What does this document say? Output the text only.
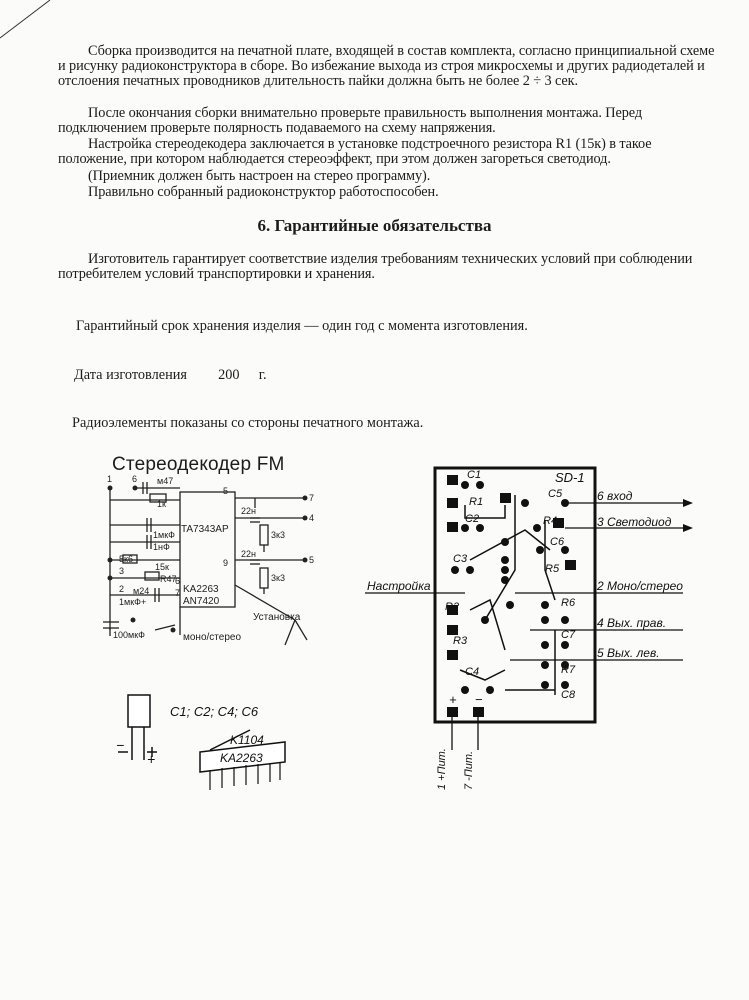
Сборка производится на печатной плате, входящей в состав комплекта, согласно принципиальной схеме и рисунку радиоконструктора в сборе. Во избежание выхода из строя микросхемы и других радиодеталей и отслоения печатных проводников длительность пайки должна быть не более 2 ÷ 3 сек.
После окончания сборки внимательно проверьте правильность выполнения монтажа. Перед подключением проверьте полярность подаваемого на схему напряжения.
Настройка стереодекодера заключается в установке подстроечного резистора R1 (15к) в такое положение, при котором наблюдается стереоэффект, при этом должен загореться светодиод.
(Приемник должен быть настроен на стерео программу).
Правильно собранный радиоконструктор работоспособен.
6. Гарантийные обязательства
Изготовитель гарантирует соответствие изделия требованиям технических условий при соблюдении потребителем условий транспортировки и хранения.
Гарантийный срок хранения изделия — один год с момента изготовления.
Дата изготовления 200 г.
Радиоэлементы показаны со стороны печатного монтажа.
Стереодекодер FM
1 6
3
2
7
4
5
5
9
6
7
м47
1к
1мкФ
1нФ
5к6
15к
R47
м24
1мкФ+
100мкФ
22н
3к3
22н
3к3
TA7343AP
KA2263
AN7420
Установка
моно/стерео
SD-1
C1
R1
C2
C5
R4
C6
C3
R5
R2	R6
R3	C7
C4	R7
C8
6 вход
3 Светодиод
2 Моно/стерео
4 Вых. прав.
5 Вых. лев.
Настройка
+ −
1 +Пит. 7 -Пит.
C1; C2; C4; C6
K1104
KA2263
−
+
